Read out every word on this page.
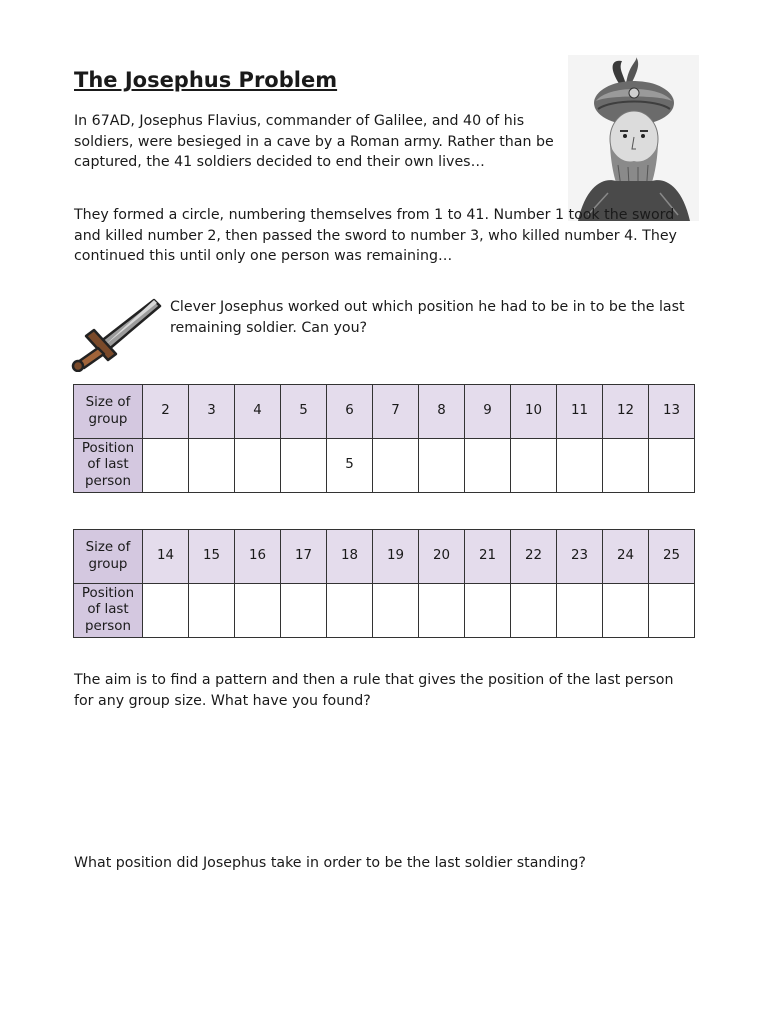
The Josephus Problem

In 67AD, Josephus Flavius, commander of Galilee, and 40 of his soldiers, were besieged in a cave by a Roman army. Rather than be captured, the 41 soldiers decided to end their own lives…

They formed a circle, numbering themselves from 1 to 41. Number 1 took the sword and killed number 2, then passed the sword to number 3, who killed number 4. They continued this until only one person was remaining…

Clever Josephus worked out which position he had to be in to be the last remaining soldier. Can you?

Size of group	2	3	4	5	6	7	8	9	10	11	12	13
Position of last person					5							
Size of group	14	15	16	17	18	19	20	21	22	23	24	25
Position of last person												

The aim is to find a pattern and then a rule that gives the position of the last person for any group size. What have you found?

What position did Josephus take in order to be the last soldier standing?
